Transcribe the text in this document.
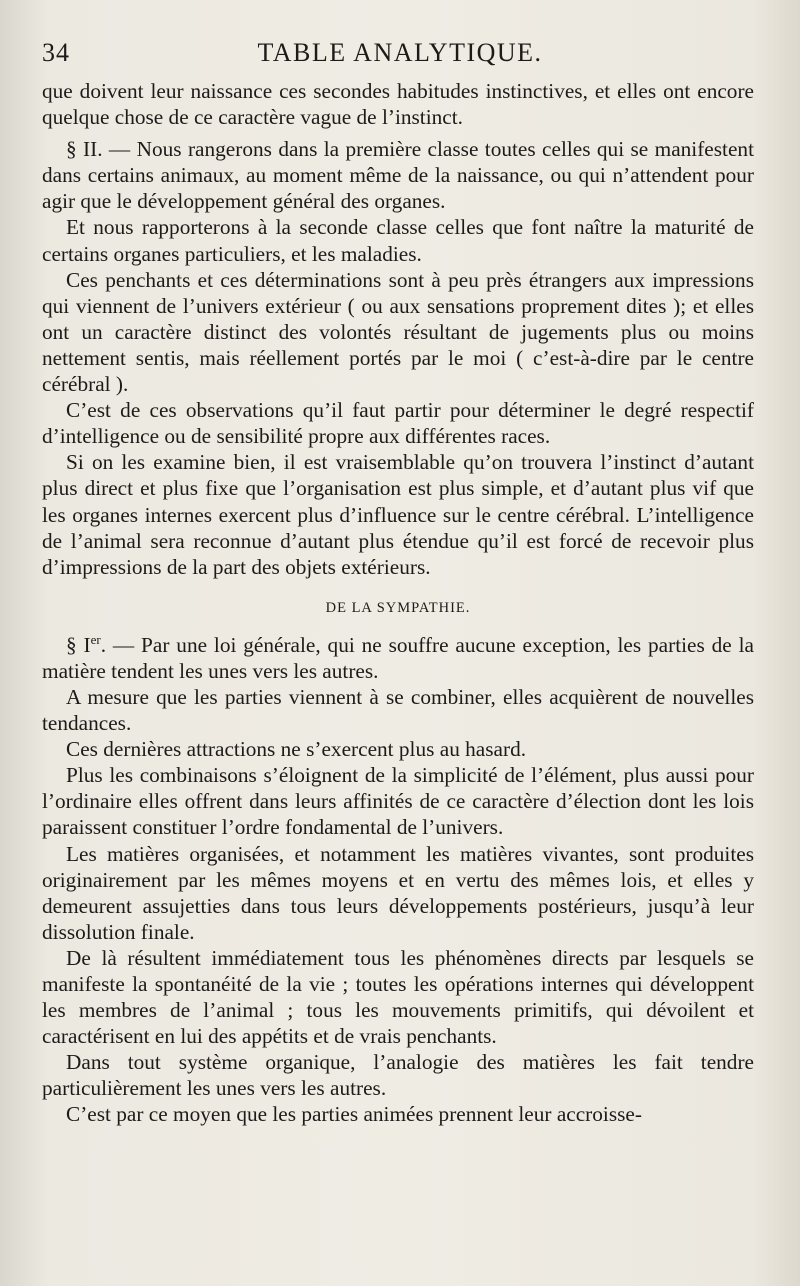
34	TABLE ANALYTIQUE.

que doivent leur naissance ces secondes habitudes instinctives, et elles ont encore quelque chose de ce caractère vague de l’instinct.

§ II. — Nous rangerons dans la première classe toutes celles qui se manifestent dans certains animaux, au moment même de la naissance, ou qui n’attendent pour agir que le développement général des organes.

Et nous rapporterons à la seconde classe celles que font naître la maturité de certains organes particuliers, et les maladies.

Ces penchants et ces déterminations sont à peu près étrangers aux impressions qui viennent de l’univers extérieur ( ou aux sensations proprement dites ); et elles ont un caractère distinct des volontés résultant de jugements plus ou moins nettement sentis, mais réellement portés par le moi ( c’est-à-dire par le centre cérébral ).

C’est de ces observations qu’il faut partir pour déterminer le degré respectif d’intelligence ou de sensibilité propre aux différentes races.

Si on les examine bien, il est vraisemblable qu’on trouvera l’instinct d’autant plus direct et plus fixe que l’organisation est plus simple, et d’autant plus vif que les organes internes exercent plus d’influence sur le centre cérébral. L’intelligence de l’animal sera reconnue d’autant plus étendue qu’il est forcé de recevoir plus d’impressions de la part des objets extérieurs.

DE LA SYMPATHIE.

§ Ier. — Par une loi générale, qui ne souffre aucune exception, les parties de la matière tendent les unes vers les autres.

A mesure que les parties viennent à se combiner, elles acquièrent de nouvelles tendances.

Ces dernières attractions ne s’exercent plus au hasard.

Plus les combinaisons s’éloignent de la simplicité de l’élément, plus aussi pour l’ordinaire elles offrent dans leurs affinités de ce caractère d’élection dont les lois paraissent constituer l’ordre fondamental de l’univers.

Les matières organisées, et notamment les matières vivantes, sont produites originairement par les mêmes moyens et en vertu des mêmes lois, et elles y demeurent assujetties dans tous leurs développements postérieurs, jusqu’à leur dissolution finale.

De là résultent immédiatement tous les phénomènes directs par lesquels se manifeste la spontanéité de la vie ; toutes les opérations internes qui développent les membres de l’animal ; tous les mouvements primitifs, qui dévoilent et caractérisent en lui des appétits et de vrais penchants.

Dans tout système organique, l’analogie des matières les fait tendre particulièrement les unes vers les autres.

C’est par ce moyen que les parties animées prennent leur accroisse-
